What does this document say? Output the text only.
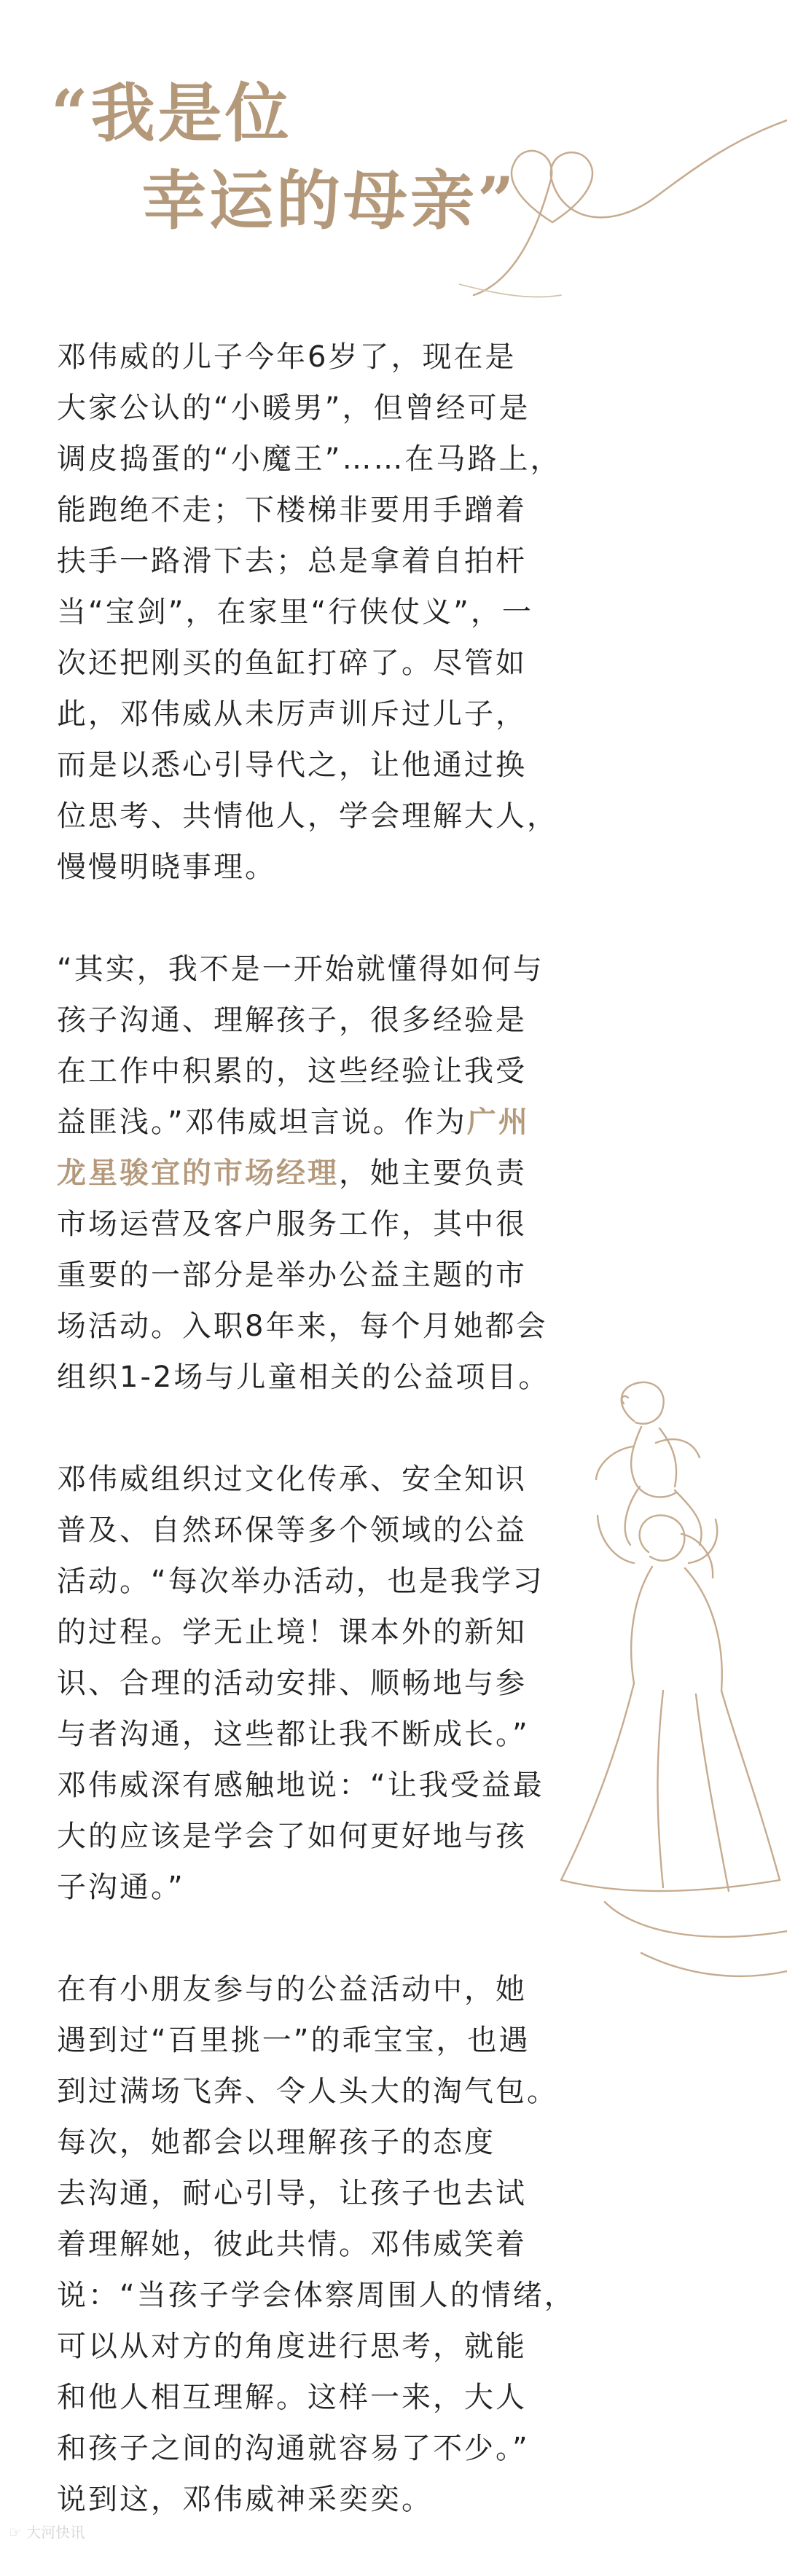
“我是位
幸运的母亲”

邓伟威的儿子今年6岁了，现在是
大家公认的“小暖男”，但曾经可是
调皮捣蛋的“小魔王”……在马路上，
能跑绝不走；下楼梯非要用手蹭着
扶手一路滑下去；总是拿着自拍杆
当“宝剑”，在家里“行侠仗义”，一
次还把刚买的鱼缸打碎了。尽管如
此，邓伟威从未厉声训斥过儿子，
而是以悉心引导代之，让他通过换
位思考、共情他人，学会理解大人，
慢慢明晓事理。

“其实，我不是一开始就懂得如何与
孩子沟通、理解孩子，很多经验是
在工作中积累的，这些经验让我受
益匪浅。”邓伟威坦言说。作为广州
龙星骏宜的市场经理，她主要负责
市场运营及客户服务工作，其中很
重要的一部分是举办公益主题的市
场活动。入职8年来，每个月她都会
组织1-2场与儿童相关的公益项目。

邓伟威组织过文化传承、安全知识
普及、自然环保等多个领域的公益
活动。“每次举办活动，也是我学习
的过程。学无止境！课本外的新知
识、合理的活动安排、顺畅地与参
与者沟通，这些都让我不断成长。”
邓伟威深有感触地说：“让我受益最
大的应该是学会了如何更好地与孩
子沟通。”

在有小朋友参与的公益活动中，她
遇到过“百里挑一”的乖宝宝，也遇
到过满场飞奔、令人头大的淘气包。
每次，她都会以理解孩子的态度
去沟通，耐心引导，让孩子也去试
着理解她，彼此共情。邓伟威笑着
说：“当孩子学会体察周围人的情绪，
可以从对方的角度进行思考，就能
和他人相互理解。这样一来，大人
和孩子之间的沟通就容易了不少。”
说到这，邓伟威神采奕奕。

☞ 大河快讯
